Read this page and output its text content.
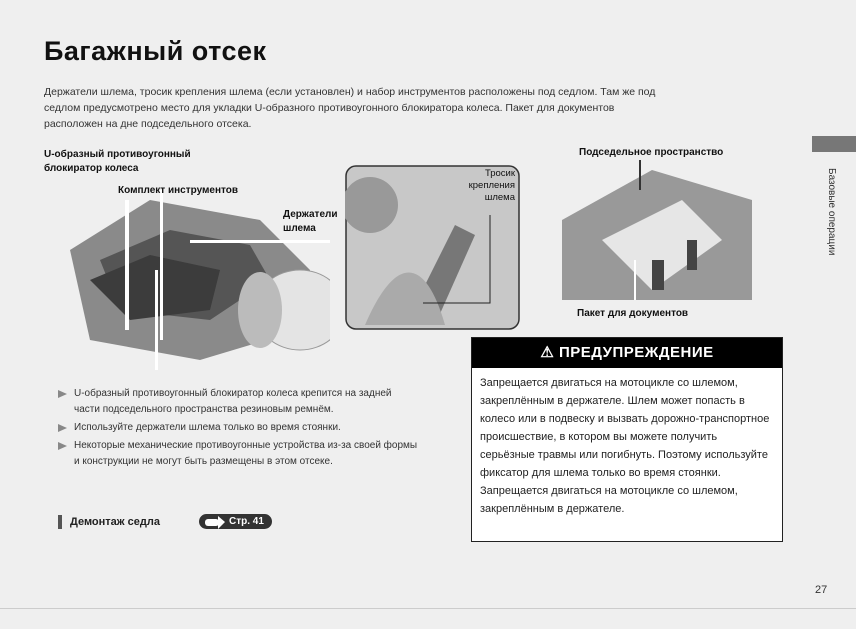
Багажный отсек
Держатели шлема, тросик крепления шлема (если установлен) и набор инструментов расположены под седлом. Там же под седлом предусмотрено место для укладки U-образного противоугонного блокиратора колеса. Пакет для документов расположен на дне подседельного отсека.
Базовые операции
U-образный противоугонный блокиратор колеса
Комплект инструментов
Держатели шлема
Тросик крепления шлема
Подседельное пространство
Пакет для документов
U-образный противоугонный блокиратор колеса крепится на задней части подседельного пространства резиновым ремнём.
Используйте держатели шлема только во время стоянки.
Некоторые механические противоугонные устройства из-за своей формы и конструкции не могут быть размещены в этом отсеке.
Демонтаж седла	Стр. 41
⚠ ПРЕДУПРЕЖДЕНИЕ
Запрещается двигаться на мотоцикле со шлемом, закреплённым в держателе. Шлем может попасть в колесо или в подвеску и вызвать дорожно-транспортное происшествие, в котором вы можете получить серьёзные травмы или погибнуть. Поэтому используйте фиксатор для шлема только во время стоянки. Запрещается двигаться на мотоцикле со шлемом, закреплённым в держателе.
27
